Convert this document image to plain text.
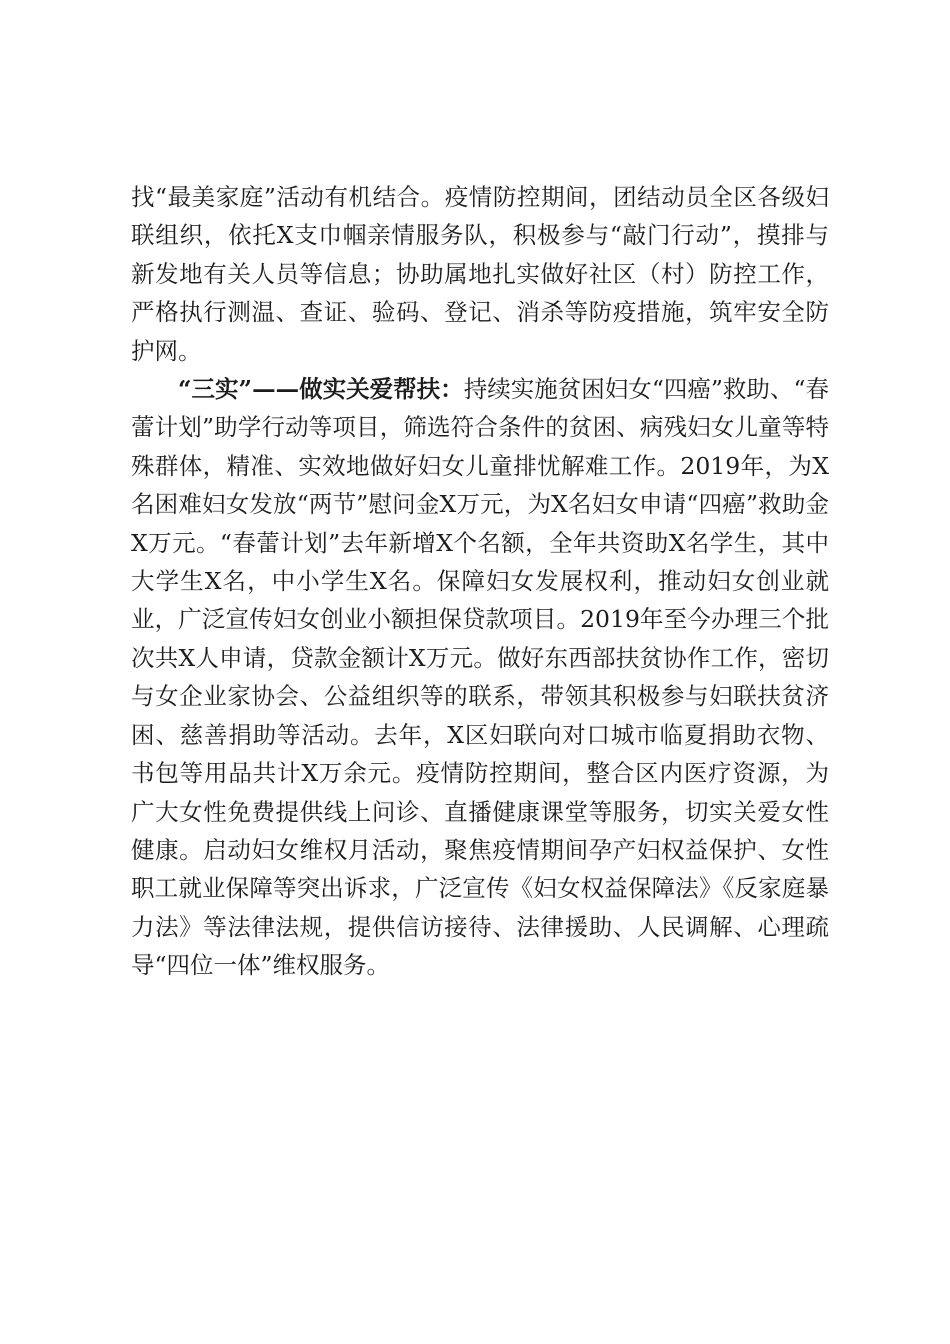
找“最美家庭”活动有机结合。疫情防控期间，团结动员全区各级妇联组织，依托X支巾帼亲情服务队，积极参与“敲门行动”，摸排与新发地有关人员等信息；协助属地扎实做好社区（村）防控工作，严格执行测温、查证、验码、登记、消杀等防疫措施，筑牢安全防护网。

“三实”——做实关爱帮扶：持续实施贫困妇女“四癌”救助、“春蕾计划”助学行动等项目，筛选符合条件的贫困、病残妇女儿童等特殊群体，精准、实效地做好妇女儿童排忧解难工作。2019年，为X名困难妇女发放“两节”慰问金X万元，为X名妇女申请“四癌”救助金X万元。“春蕾计划”去年新增X个名额，全年共资助X名学生，其中大学生X名，中小学生X名。保障妇女发展权利，推动妇女创业就业，广泛宣传妇女创业小额担保贷款项目。2019年至今办理三个批次共X人申请，贷款金额计X万元。做好东西部扶贫协作工作，密切与女企业家协会、公益组织等的联系，带领其积极参与妇联扶贫济困、慈善捐助等活动。去年，X区妇联向对口城市临夏捐助衣物、书包等用品共计X万余元。疫情防控期间，整合区内医疗资源，为广大女性免费提供线上问诊、直播健康课堂等服务，切实关爱女性健康。启动妇女维权月活动，聚焦疫情期间孕产妇权益保护、女性职工就业保障等突出诉求，广泛宣传《妇女权益保障法》《反家庭暴力法》等法律法规，提供信访接待、法律援助、人民调解、心理疏导“四位一体”维权服务。
